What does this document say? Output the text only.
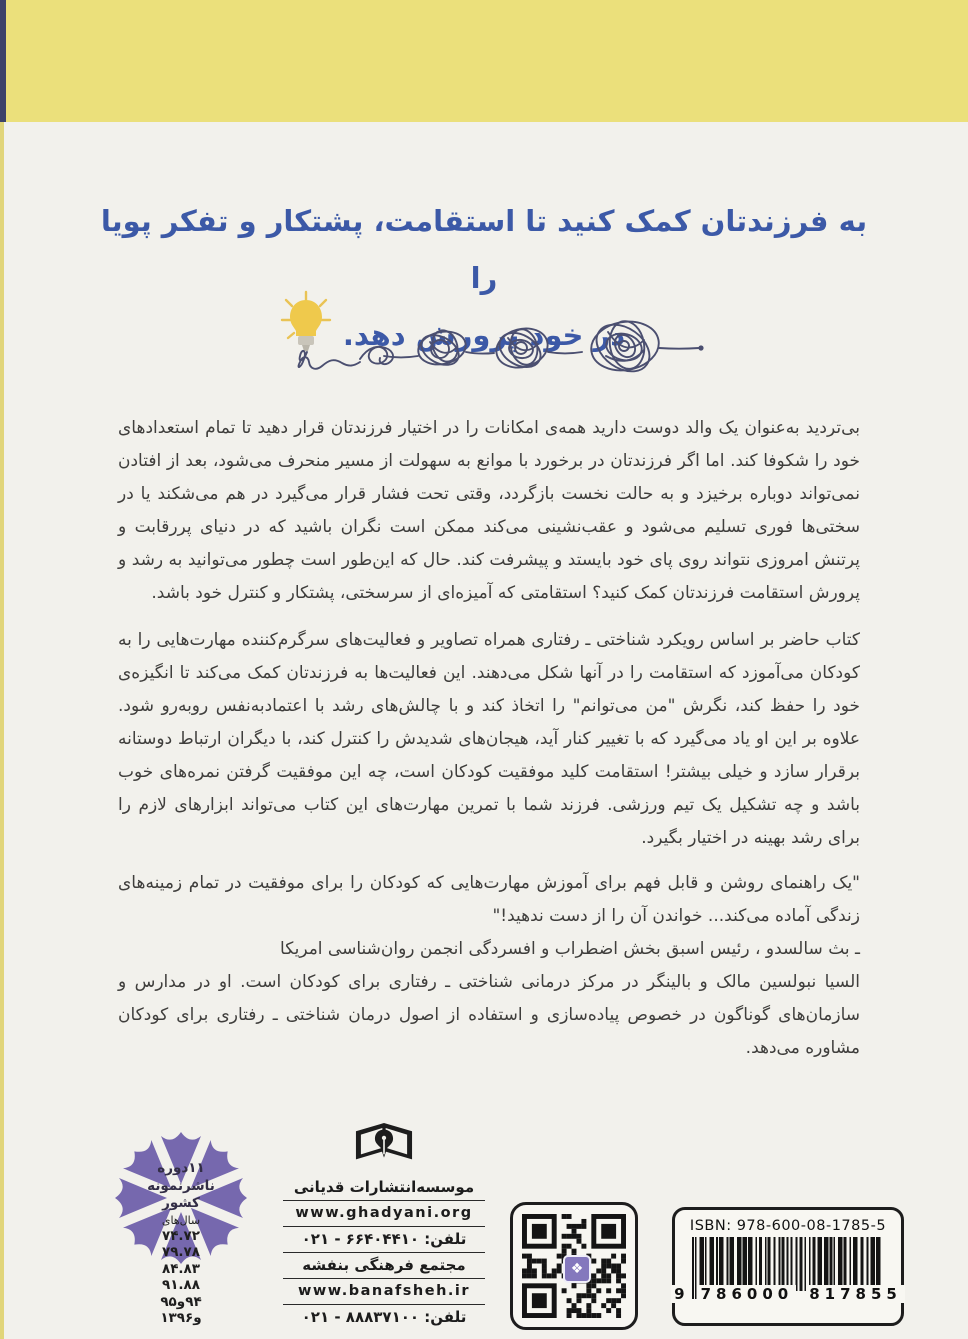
به فرزندتان کمک کنید تا استقامت، پشتکار و تفکر پویا را
در خود پرورش دهد.

بی‌تردید به‌عنوان یک والد دوست دارید همه‌ی امکانات را در اختیار فرزندتان قرار دهید تا تمام استعدادهای خود را شکوفا کند. اما اگر فرزندتان در برخورد با موانع به سهولت از مسیر منحرف می‌شود، بعد از افتادن نمی‌تواند دوباره برخیزد و به حالت نخست بازگردد، وقتی تحت فشار قرار می‌گیرد در هم می‌شکند یا در سختی‌ها فوری تسلیم می‌شود و عقب‌نشینی می‌کند ممکن است نگران باشید که در دنیای پررقابت و پرتنش امروزی نتواند روی پای خود بایستد و پیشرفت کند. حال که این‌طور است چطور می‌توانید به رشد و پرورش استقامت فرزندتان کمک کنید؟ استقامتی که آمیزه‌ای از سرسختی، پشتکار و کنترل خود باشد.

کتاب حاضر بر اساس رویکرد شناختی ـ رفتاری همراه تصاویر و فعالیت‌های سرگرم‌کننده مهارت‌هایی را به کودکان می‌آموزد که استقامت را در آنها شکل می‌دهند. این فعالیت‌ها به فرزندتان کمک می‌کند تا انگیزه‌ی خود را حفظ کند، نگرش "من می‌توانم" را اتخاذ کند و با چالش‌های رشد با اعتمادبه‌نفس روبه‌رو شود. علاوه بر این او یاد می‌گیرد که با تغییر کنار آید، هیجان‌های شدیدش را کنترل کند، با دیگران ارتباط دوستانه برقرار سازد و خیلی بیشتر! استقامت کلید موفقیت کودکان است، چه این موفقیت گرفتن نمره‌های خوب باشد و چه تشکیل یک تیم ورزشی. فرزند شما با تمرین مهارت‌های این کتاب می‌تواند ابزارهای لازم را برای رشد بهینه در اختیار بگیرد.

"یک راهنمای روشن و قابل فهم برای آموزش مهارت‌هایی که کودکان را برای موفقیت در تمام زمینه‌های زندگی آماده می‌کند... خواندن آن را از دست ندهید!"

ـ بث سالسدو ، رئیس اسبق بخش اضطراب و افسردگی انجمن روان‌شناسی امریکا

السیا نبولسین مالک و بالینگر در مرکز درمانی شناختی ـ رفتاری برای کودکان است. او در مدارس و سازمان‌های گوناگون در خصوص پیاده‌سازی و استفاده از اصول درمان شناختی ـ رفتاری برای کودکان مشاوره می‌دهد.

۱۱دوره
ناشرنمونه
کشور
سال‌های
۷۴.۷۲
۷۹.۷۸
۸۴.۸۳
۹۱.۸۸
۹۴و۹۵
و۱۳۹۶
موسسه‌انتشارات قدیانی
www.ghadyani.org
تلفن: ۰۲۱ - ۶۶۴۰۴۴۱۰
مجتمع فرهنگی بنفشه
www.banafsheh.ir
تلفن: ۰۲۱ - ۸۸۸۳۷۱۰۰
❖
ISBN: 978-600-08-1785-5
9 786000 817855
